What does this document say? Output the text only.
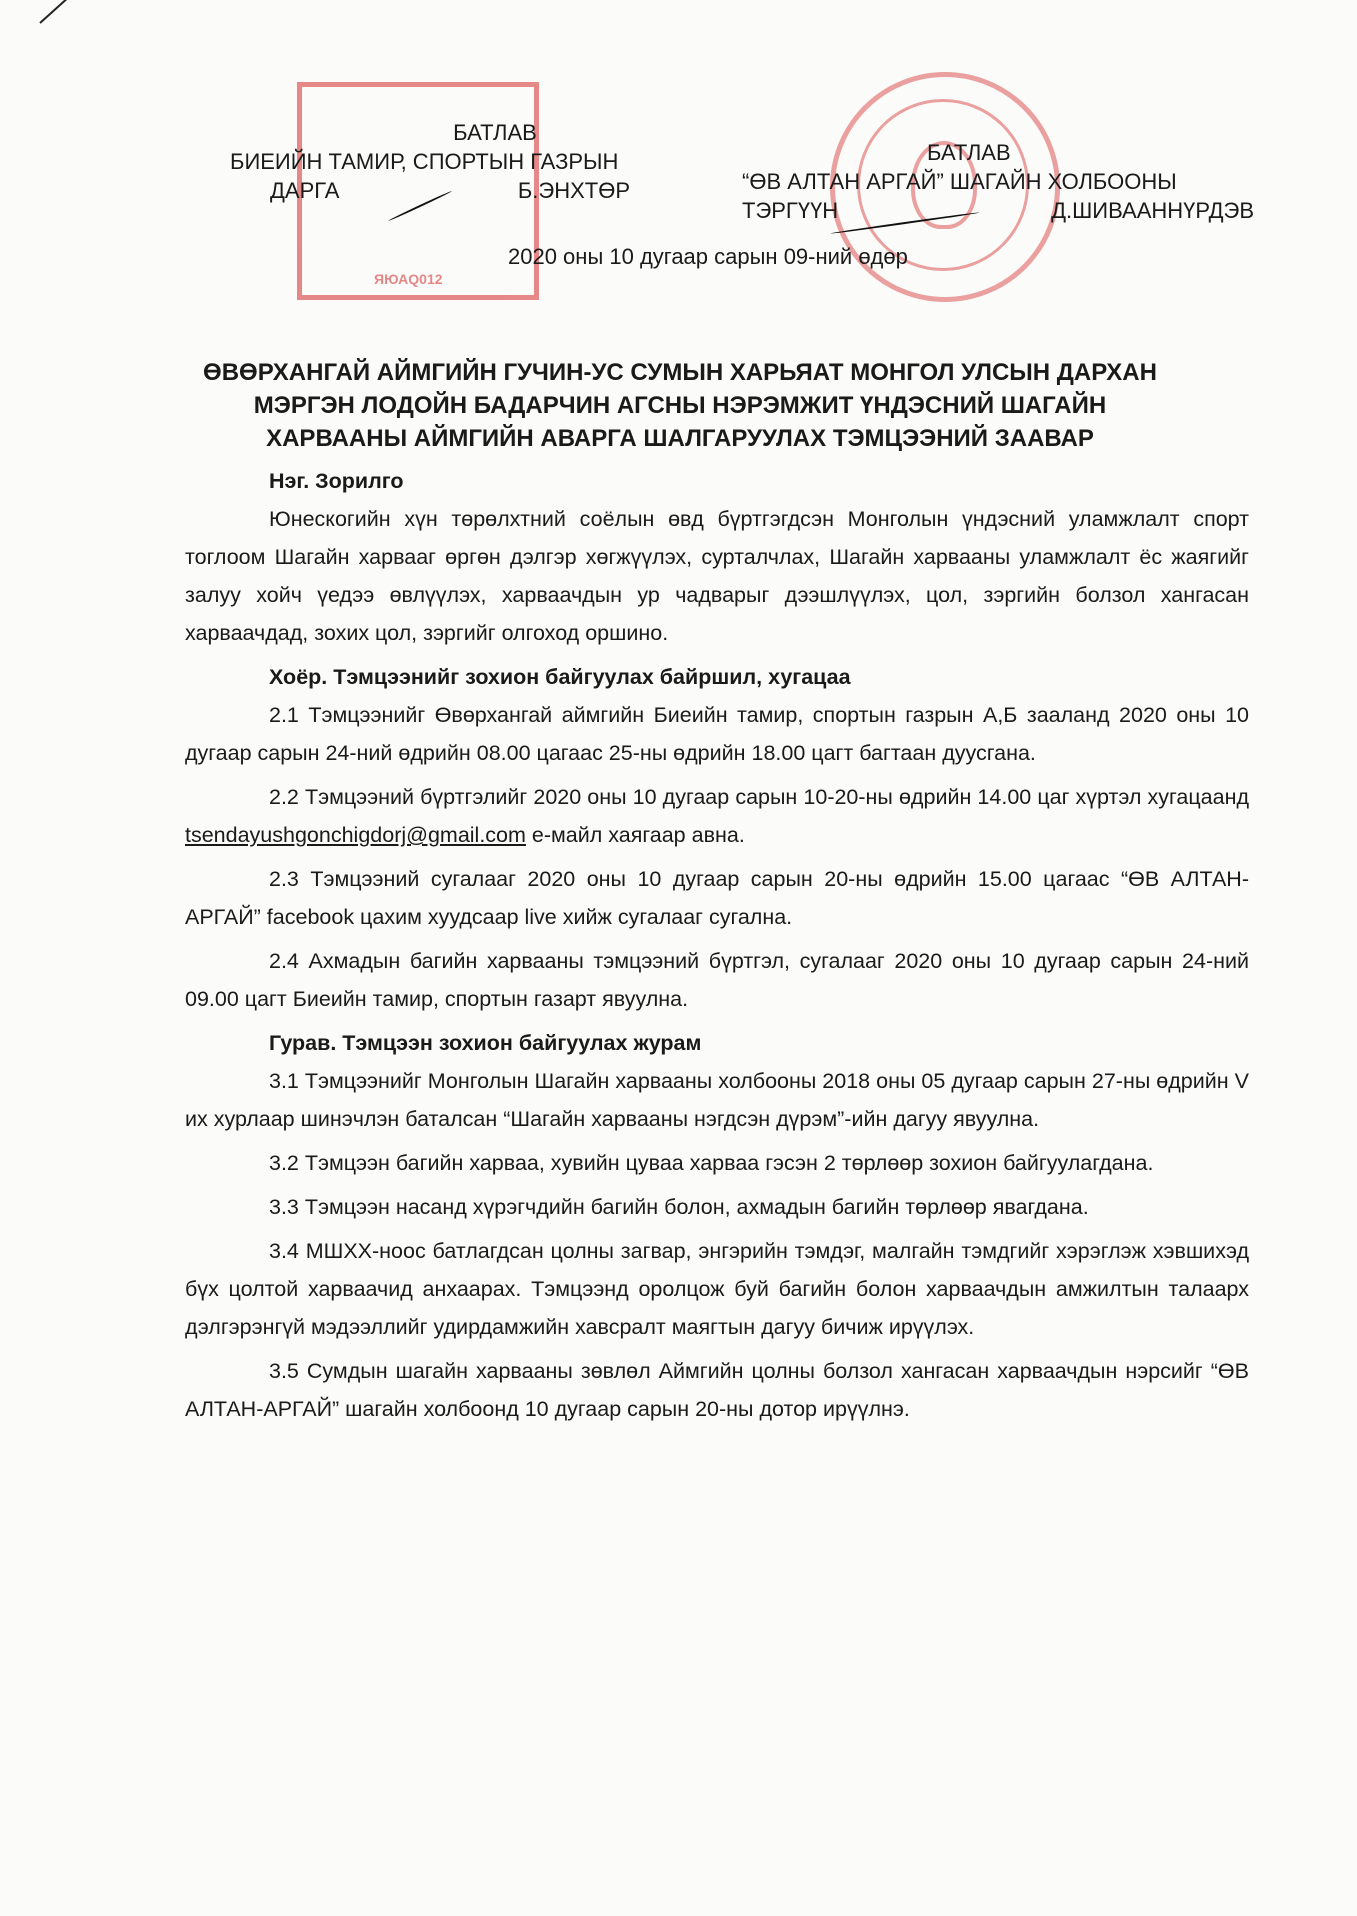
ЯЮАQ012
БАТЛАВ
БИЕИЙН ТАМИР, СПОРТЫН ГАЗРЫН
ДАРГА	Б.ЭНХТӨР
БАТЛАВ
“ӨВ АЛТАН АРГАЙ” ШАГАЙН ХОЛБООНЫ
ТЭРГҮҮН	Д.ШИВААННҮРДЭВ
2020 оны 10 дугаар сарын 09-ний өдөр
ӨВӨРХАНГАЙ АЙМГИЙН ГУЧИН-УС СУМЫН ХАРЬЯАТ МОНГОЛ УЛСЫН ДАРХАН МЭРГЭН ЛОДОЙН БАДАРЧИН АГСНЫ НЭРЭМЖИТ ҮНДЭСНИЙ ШАГАЙН ХАРВААНЫ АЙМГИЙН АВАРГА ШАЛГАРУУЛАХ ТЭМЦЭЭНИЙ ЗААВАР
Нэг. Зорилго

Юнескогийн хүн төрөлхтний соёлын өвд бүртгэгдсэн Монголын үндэсний уламжлалт спорт тоглоом Шагайн харвааг өргөн дэлгэр хөгжүүлэх, сурталчлах, Шагайн харвааны уламжлалт ёс жаягийг залуу хойч үедээ өвлүүлэх, харваачдын ур чадварыг дээшлүүлэх, цол, зэргийн болзол хангасан харваачдад, зохих цол, зэргийг олгоход оршино.

Хоёр. Тэмцээнийг зохион байгуулах байршил, хугацаа

2.1 Тэмцээнийг Өвөрхангай аймгийн Биеийн тамир, спортын газрын А,Б зааланд 2020 оны 10 дугаар сарын 24-ний өдрийн 08.00 цагаас 25-ны өдрийн 18.00 цагт багтаан дуусгана.

2.2 Тэмцээний бүртгэлийг 2020 оны 10 дугаар сарын 10-20-ны өдрийн 14.00 цаг хүртэл хугацаанд tsendayushgonchigdorj@gmail.com е-майл хаягаар авна.

2.3 Тэмцээний сугалааг 2020 оны 10 дугаар сарын 20-ны өдрийн 15.00 цагаас “ӨВ АЛТАН-АРГАЙ” facebook цахим хуудсаар live хийж сугалааг сугална.

2.4 Ахмадын багийн харвааны тэмцээний бүртгэл, сугалааг 2020 оны 10 дугаар сарын 24-ний 09.00 цагт Биеийн тамир, спортын газарт явуулна.

Гурав. Тэмцээн зохион байгуулах журам

3.1 Тэмцээнийг Монголын Шагайн харвааны холбооны 2018 оны 05 дугаар сарын 27-ны өдрийн V их хурлаар шинэчлэн баталсан “Шагайн харвааны нэгдсэн дүрэм”-ийн дагуу явуулна.

3.2 Тэмцээн багийн харваа, хувийн цуваа харваа гэсэн 2 төрлөөр зохион байгуулагдана.

3.3 Тэмцээн насанд хүрэгчдийн багийн болон, ахмадын багийн төрлөөр явагдана.

3.4 МШХХ-ноос батлагдсан цолны загвар, энгэрийн тэмдэг, малгайн тэмдгийг хэрэглэж хэвшихэд бүх цолтой харваачид анхаарах. Тэмцээнд оролцож буй багийн болон харваачдын амжилтын талаарх дэлгэрэнгүй мэдээллийг удирдамжийн хавсралт маягтын дагуу бичиж ирүүлэх.

3.5 Сумдын шагайн харвааны зөвлөл Аймгийн цолны болзол хангасан харваачдын нэрсийг “ӨВ АЛТАН-АРГАЙ” шагайн холбоонд 10 дугаар сарын 20-ны дотор ирүүлнэ.
